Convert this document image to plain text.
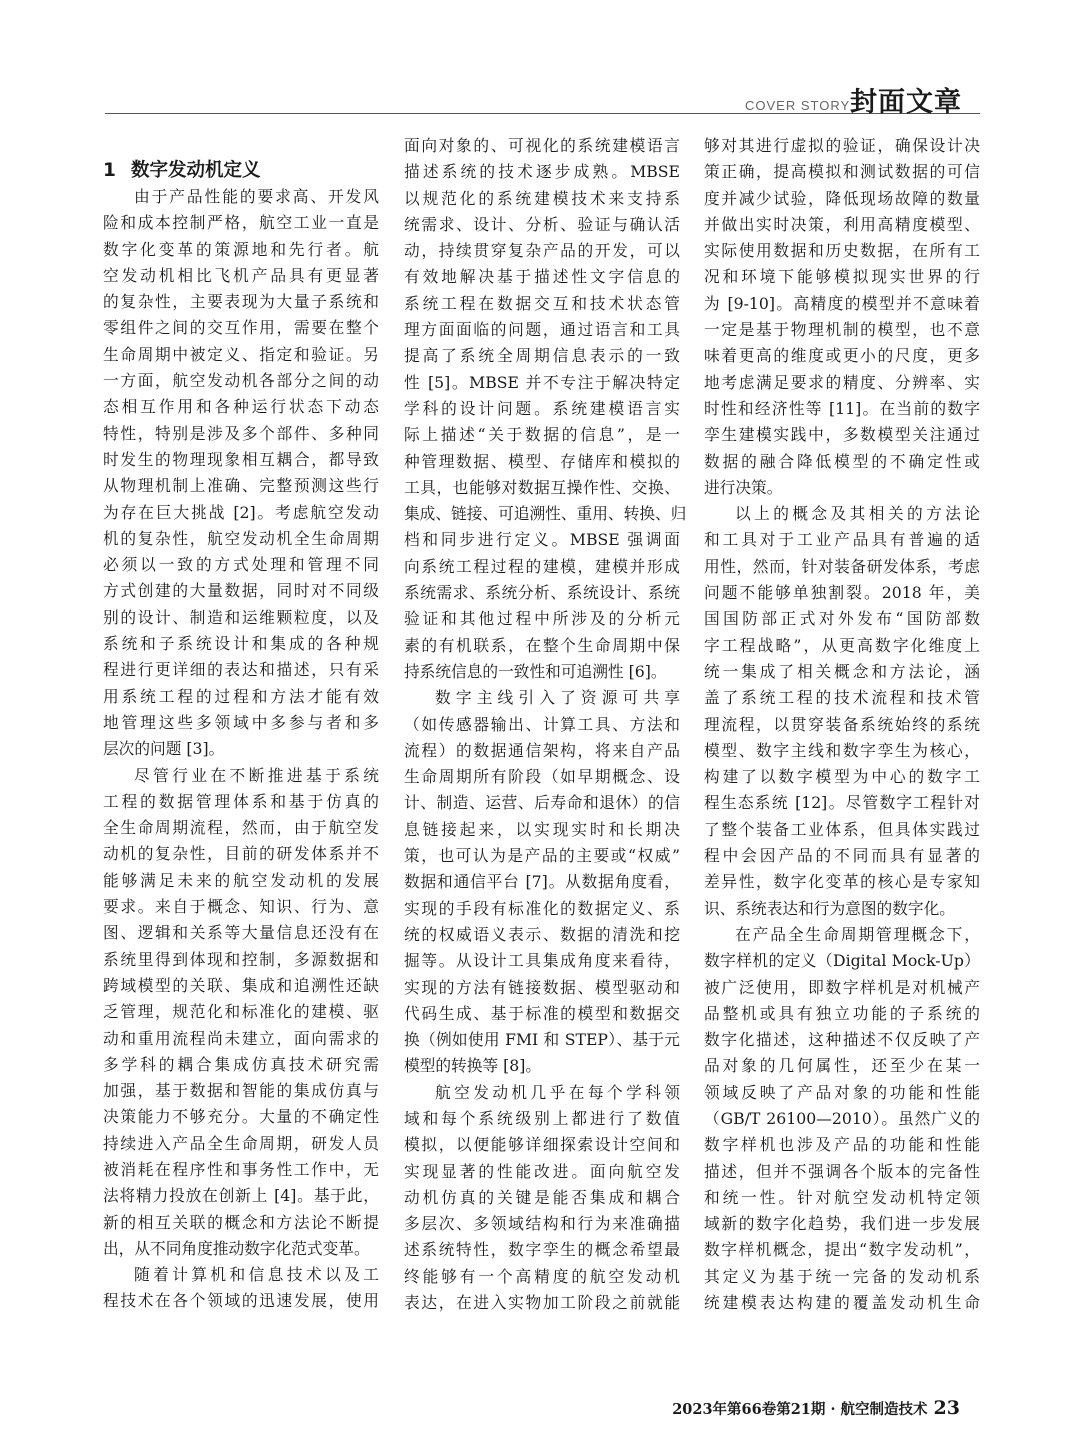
COVER STORY 封面文章
1 数字发动机定义
由于产品性能的要求高、开发风
险和成本控制严格，航空工业一直是
数字化变革的策源地和先行者。航
空发动机相比飞机产品具有更显著
的复杂性，主要表现为大量子系统和
零组件之间的交互作用，需要在整个
生命周期中被定义、指定和验证。另
一方面，航空发动机各部分之间的动
态相互作用和各种运行状态下动态
特性，特别是涉及多个部件、多种同
时发生的物理现象相互耦合，都导致
从物理机制上准确、完整预测这些行
为存在巨大挑战 [2]。考虑航空发动
机的复杂性，航空发动机全生命周期
必须以一致的方式处理和管理不同
方式创建的大量数据，同时对不同级
别的设计、制造和运维颗粒度，以及
系统和子系统设计和集成的各种规
程进行更详细的表达和描述，只有采
用系统工程的过程和方法才能有效
地管理这些多领域中多参与者和多
层次的问题 [3]。
尽管行业在不断推进基于系统
工程的数据管理体系和基于仿真的
全生命周期流程，然而，由于航空发
动机的复杂性，目前的研发体系并不
能够满足未来的航空发动机的发展
要求。来自于概念、知识、行为、意
图、逻辑和关系等大量信息还没有在
系统里得到体现和控制，多源数据和
跨域模型的关联、集成和追溯性还缺
乏管理，规范化和标准化的建模、驱
动和重用流程尚未建立，面向需求的
多学科的耦合集成仿真技术研究需
加强，基于数据和智能的集成仿真与
决策能力不够充分。大量的不确定性
持续进入产品全生命周期，研发人员
被消耗在程序性和事务性工作中，无
法将精力投放在创新上 [4]。基于此，
新的相互关联的概念和方法论不断提
出，从不同角度推动数字化范式变革。
随着计算机和信息技术以及工
程技术在各个领域的迅速发展，使用
面向对象的、可视化的系统建模语言
描述系统的技术逐步成熟。MBSE
以规范化的系统建模技术来支持系
统需求、设计、分析、验证与确认活
动，持续贯穿复杂产品的开发，可以
有效地解决基于描述性文字信息的
系统工程在数据交互和技术状态管
理方面面临的问题，通过语言和工具
提高了系统全周期信息表示的一致
性 [5]。MBSE 并不专注于解决特定
学科的设计问题。系统建模语言实
际上描述“关于数据的信息”，是一
种管理数据、模型、存储库和模拟的
工具，也能够对数据互操作性、交换、
集成、链接、可追溯性、重用、转换、归
档和同步进行定义。MBSE 强调面
向系统工程过程的建模，建模并形成
系统需求、系统分析、系统设计、系统
验证和其他过程中所涉及的分析元
素的有机联系，在整个生命周期中保
持系统信息的一致性和可追溯性 [6]。
数字主线引入了资源可共享
（如传感器输出、计算工具、方法和
流程）的数据通信架构，将来自产品
生命周期所有阶段（如早期概念、设
计、制造、运营、后寿命和退休）的信
息链接起来，以实现实时和长期决
策，也可认为是产品的主要或“权威”
数据和通信平台 [7]。从数据角度看，
实现的手段有标准化的数据定义、系
统的权威语义表示、数据的清洗和挖
掘等。从设计工具集成角度来看待，
实现的方法有链接数据、模型驱动和
代码生成、基于标准的模型和数据交
换（例如使用 FMI 和 STEP）、基于元
模型的转换等 [8]。
航空发动机几乎在每个学科领
域和每个系统级别上都进行了数值
模拟，以便能够详细探索设计空间和
实现显著的性能改进。面向航空发
动机仿真的关键是能否集成和耦合
多层次、多领域结构和行为来准确描
述系统特性，数字孪生的概念希望最
终能够有一个高精度的航空发动机
表达，在进入实物加工阶段之前就能
够对其进行虚拟的验证，确保设计决
策正确，提高模拟和测试数据的可信
度并减少试验，降低现场故障的数量
并做出实时决策，利用高精度模型、
实际使用数据和历史数据，在所有工
况和环境下能够模拟现实世界的行
为 [9-10]。高精度的模型并不意味着
一定是基于物理机制的模型，也不意
味着更高的维度或更小的尺度，更多
地考虑满足要求的精度、分辨率、实
时性和经济性等 [11]。在当前的数字
孪生建模实践中，多数模型关注通过
数据的融合降低模型的不确定性或
进行决策。
以上的概念及其相关的方法论
和工具对于工业产品具有普遍的适
用性，然而，针对装备研发体系，考虑
问题不能够单独割裂。2018 年，美
国国防部正式对外发布“国防部数
字工程战略”，从更高数字化维度上
统一集成了相关概念和方法论，涵
盖了系统工程的技术流程和技术管
理流程，以贯穿装备系统始终的系统
模型、数字主线和数字孪生为核心，
构建了以数字模型为中心的数字工
程生态系统 [12]。尽管数字工程针对
了整个装备工业体系，但具体实践过
程中会因产品的不同而具有显著的
差异性，数字化变革的核心是专家知
识、系统表达和行为意图的数字化。
在产品全生命周期管理概念下，
数字样机的定义（Digital Mock-Up）
被广泛使用，即数字样机是对机械产
品整机或具有独立功能的子系统的
数字化描述，这种描述不仅反映了产
品对象的几何属性，还至少在某一
领域反映了产品对象的功能和性能
（GB/T 26100—2010）。虽然广义的
数字样机也涉及产品的功能和性能
描述，但并不强调各个版本的完备性
和统一性。针对航空发动机特定领
域新的数字化趋势，我们进一步发展
数字样机概念，提出“数字发动机”，
其定义为基于统一完备的发动机系
统建模表达构建的覆盖发动机生命
2023年第66卷第21期 · 航空制造技术 23
